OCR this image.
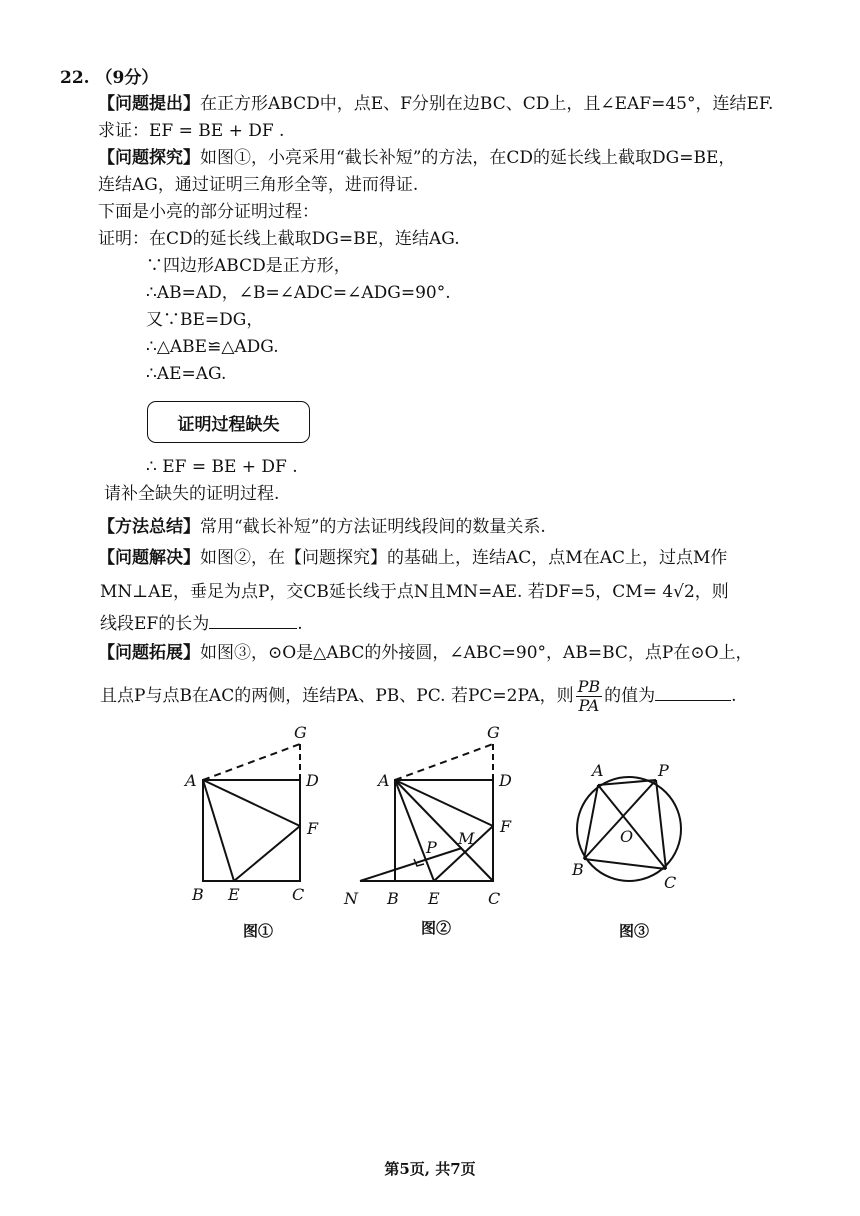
22. （9分）
【问题提出】在正方形ABCD中，点E、F分别在边BC、CD上，且∠EAF=45°，连结EF.
求证：EF = BE + DF .
【问题探究】如图①，小亮采用“截长补短”的方法，在CD的延长线上截取DG=BE，
连结AG，通过证明三角形全等，进而得证.
下面是小亮的部分证明过程：
证明：在CD的延长线上截取DG=BE，连结AG.
∵四边形ABCD是正方形，
∴AB=AD，∠B=∠ADC=∠ADG=90°.
又∵BE=DG，
∴△ABE≌△ADG.
∴AE=AG.
证明过程缺失
∴ EF = BE + DF .
请补全缺失的证明过程.
【方法总结】常用“截长补短”的方法证明线段间的数量关系.
【问题解决】如图②，在【问题探究】的基础上，连结AC，点M在AC上，过点M作
MN⊥AE，垂足为点P，交CB延长线于点N且MN=AE. 若DF=5，CM= 4√2，则
线段EF的长为	.
【问题拓展】如图③，⊙O是△ABC的外接圆，∠ABC=90°，AB=BC，点P在⊙O上，
且点P与点B在AC的两侧，连结PA、PB、PC. 若PC=2PA，则 $\frac{PB}{PA}$ 的值为	.
A
B	C
D
E
F
G
图①
N
A
B	C
D
E
F
G
M
P
图②
A
B
C
O
P
图③
第5页, 共7页
